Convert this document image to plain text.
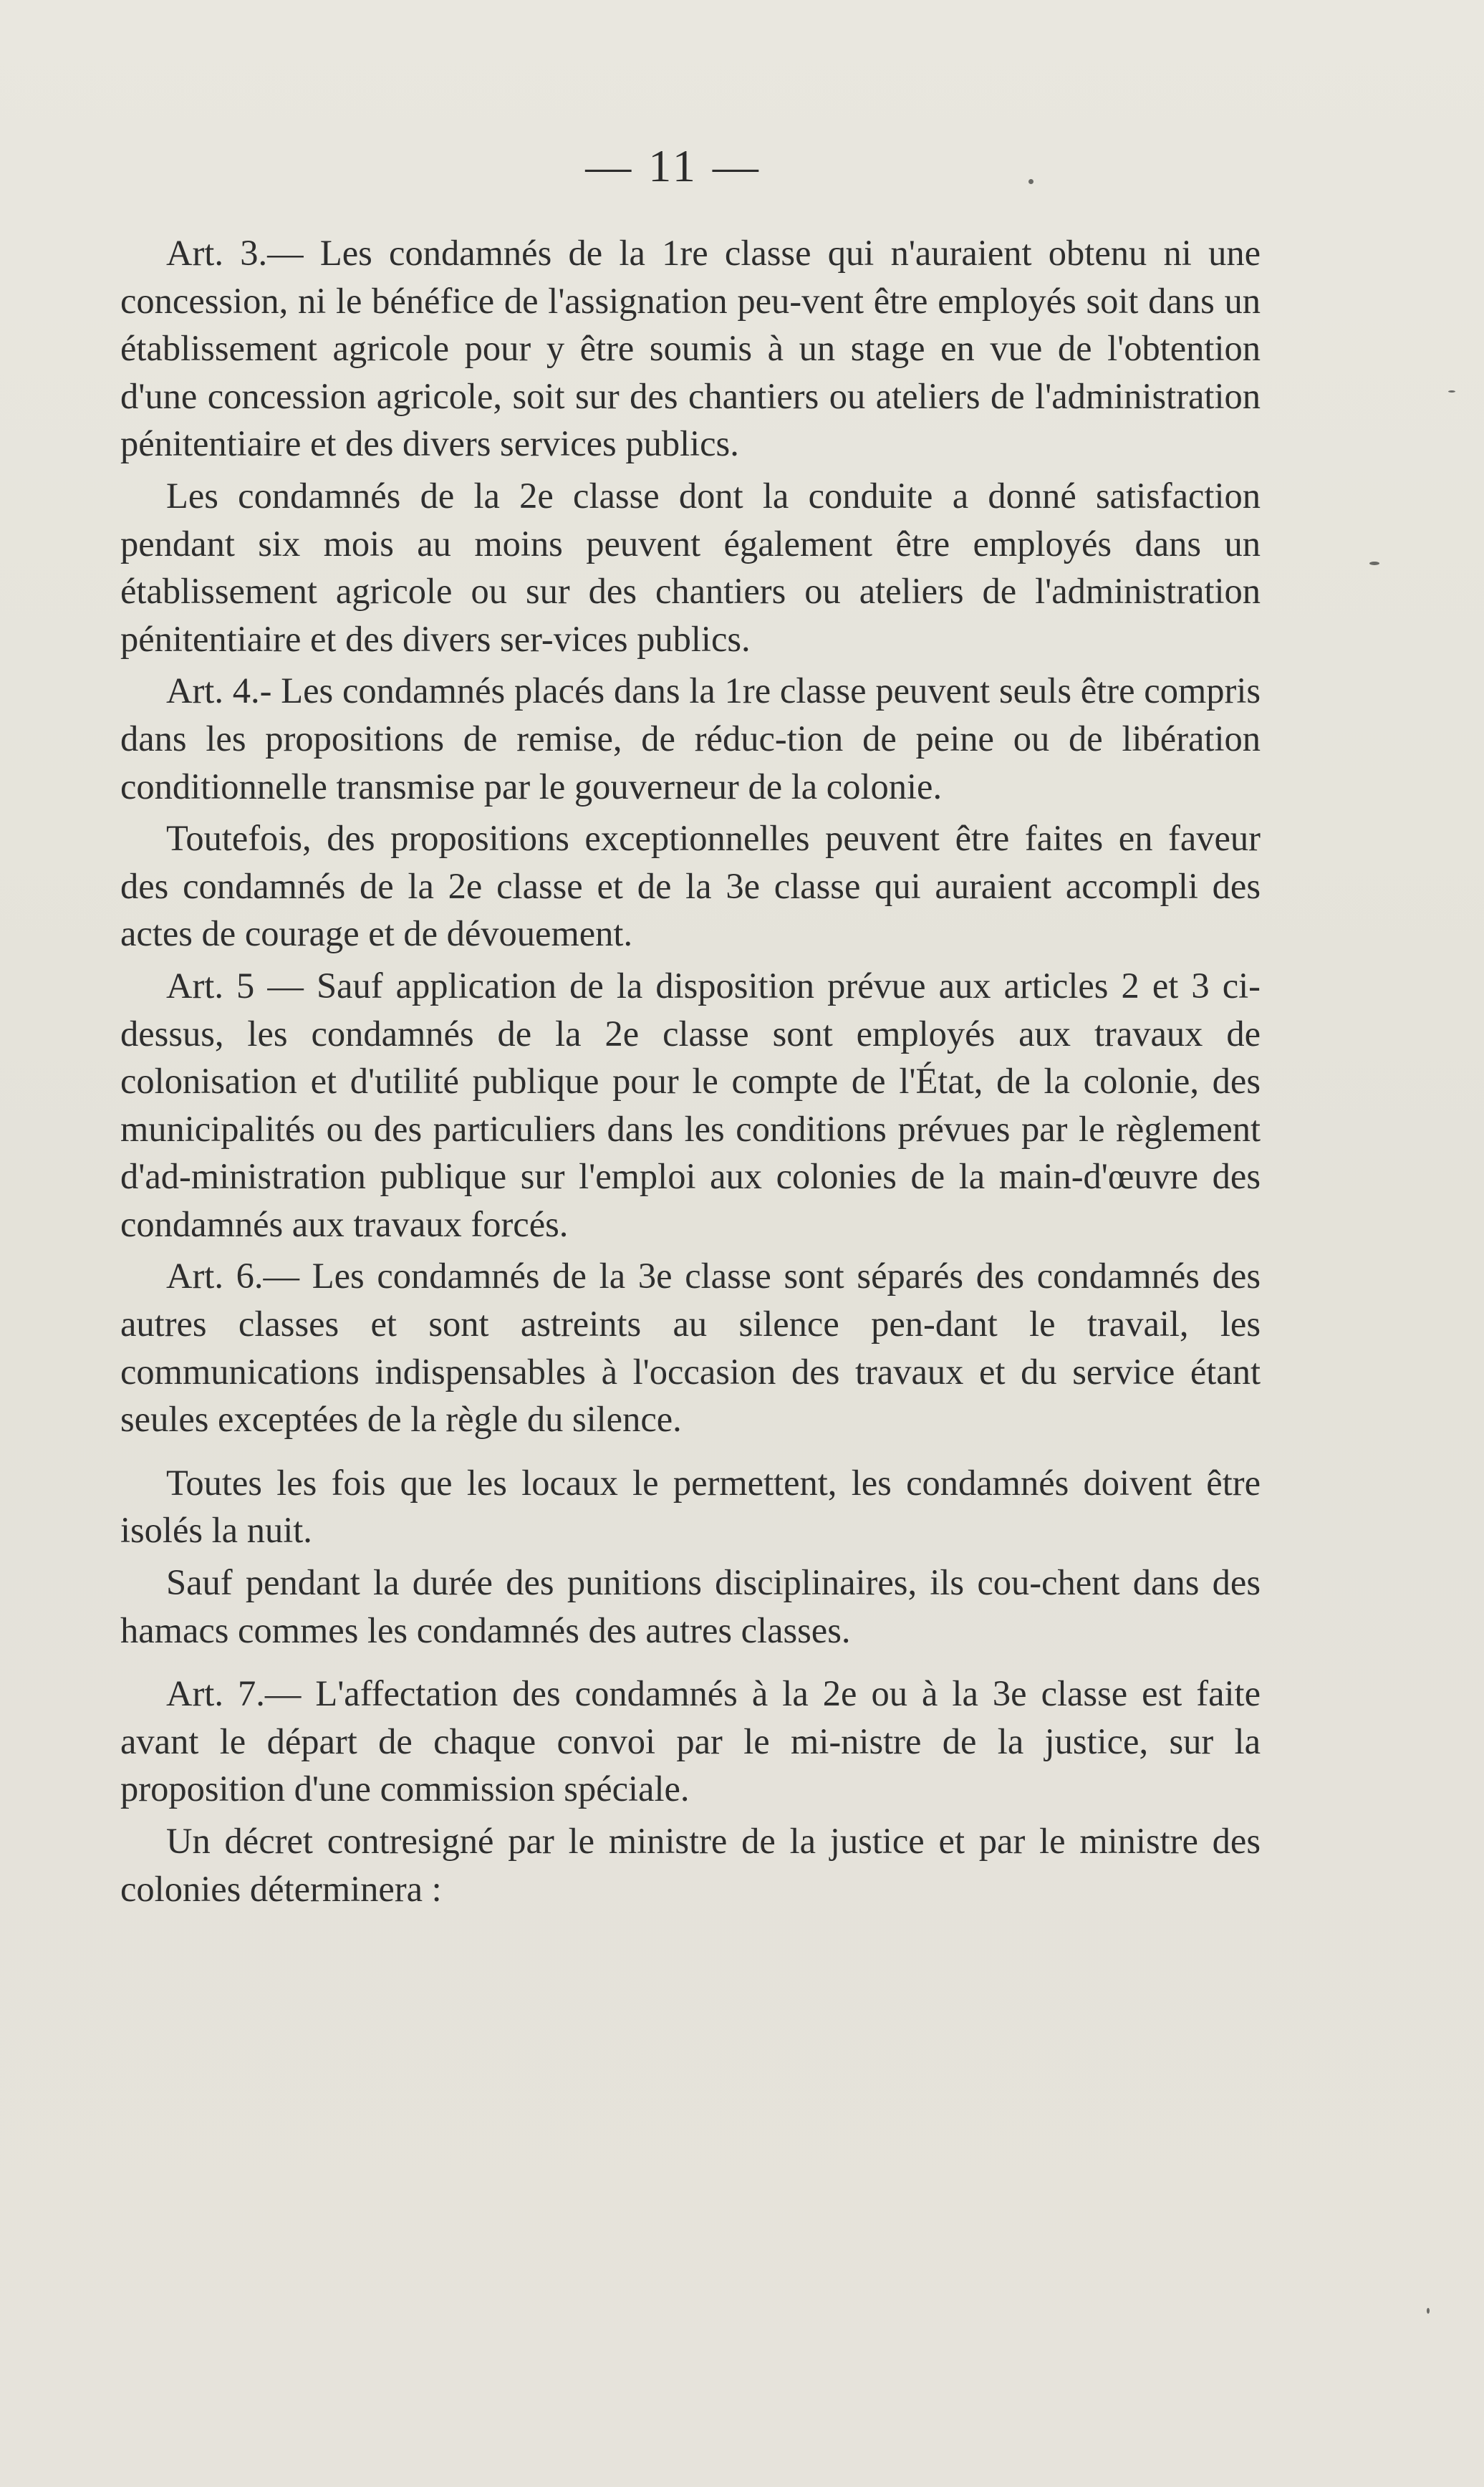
— 11 —

Art. 3.— Les condamnés de la 1re classe qui n'auraient obtenu ni une concession, ni le bénéfice de l'assignation peu-vent être employés soit dans un établissement agricole pour y être soumis à un stage en vue de l'obtention d'une concession agricole, soit sur des chantiers ou ateliers de l'administration pénitentiaire et des divers services publics.

Les condamnés de la 2e classe dont la conduite a donné satisfaction pendant six mois au moins peuvent également être employés dans un établissement agricole ou sur des chantiers ou ateliers de l'administration pénitentiaire et des divers ser-vices publics.

Art. 4.- Les condamnés placés dans la 1re classe peuvent seuls être compris dans les propositions de remise, de réduc-tion de peine ou de libération conditionnelle transmise par le gouverneur de la colonie.

Toutefois, des propositions exceptionnelles peuvent être faites en faveur des condamnés de la 2e classe et de la 3e classe qui auraient accompli des actes de courage et de dévouement.

Art. 5 — Sauf application de la disposition prévue aux articles 2 et 3 ci-dessus, les condamnés de la 2e classe sont employés aux travaux de colonisation et d'utilité publique pour le compte de l'État, de la colonie, des municipalités ou des particuliers dans les conditions prévues par le règlement d'ad-ministration publique sur l'emploi aux colonies de la main-d'œuvre des condamnés aux travaux forcés.

Art. 6.— Les condamnés de la 3e classe sont séparés des condamnés des autres classes et sont astreints au silence pen-dant le travail, les communications indispensables à l'occasion des travaux et du service étant seules exceptées de la règle du silence.

Toutes les fois que les locaux le permettent, les condamnés doivent être isolés la nuit.

Sauf pendant la durée des punitions disciplinaires, ils cou-chent dans des hamacs commes les condamnés des autres classes.

Art. 7.— L'affectation des condamnés à la 2e ou à la 3e classe est faite avant le départ de chaque convoi par le mi-nistre de la justice, sur la proposition d'une commission spéciale.

Un décret contresigné par le ministre de la justice et par le ministre des colonies déterminera :
